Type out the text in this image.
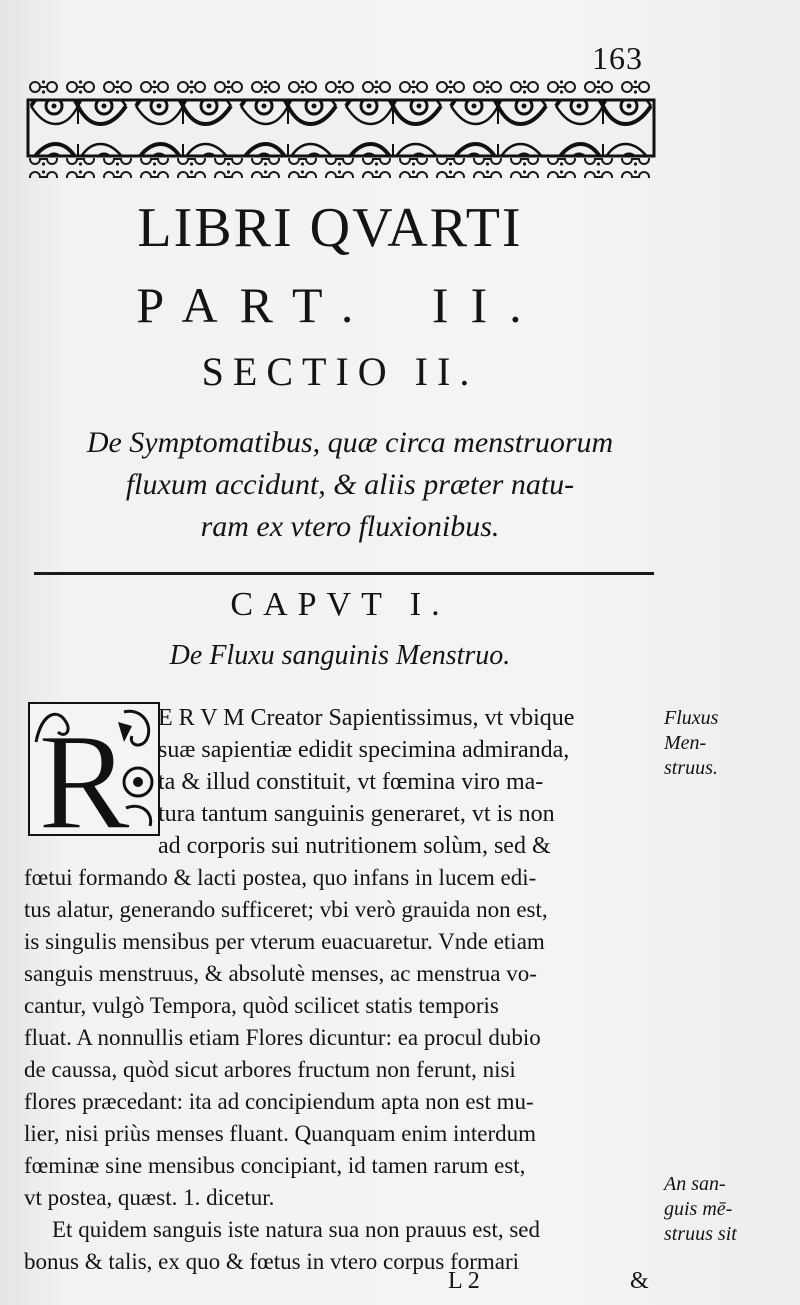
163
LIBRI QVARTI
PART. II.
SECTIO II.
De Symptomatibus, quæ circa menstruorum
fluxum accidunt, & aliis præter natu-
ram ex vtero fluxionibus.
CAPVT I.
De Fluxu sanguinis Menstruo.
R E R V M Creator Sapientissimus, vt vbique
suæ sapientiæ edidit specimina admiranda,
ta & illud constituit, vt fœmina viro ma-
tura tantum sanguinis generaret, vt is non
ad corporis sui nutritionem solùm, sed &
fœtui formando & lacti postea, quo infans in lucem edi-
tus alatur, generando sufficeret; vbi verò grauida non est,
is singulis mensibus per vterum euacuaretur. Vnde etiam
sanguis menstruus, & absolutè menses, ac menstrua vo-
cantur, vulgò Tempora, quòd scilicet statis temporis
fluat. A nonnullis etiam Flores dicuntur: ea procul dubio
de caussa, quòd sicut arbores fructum non ferunt, nisi
flores præcedant: ita ad concipiendum apta non est mu-
lier, nisi priùs menses fluant. Quanquam enim interdum
fœminæ sine mensibus concipiant, id tamen rarum est,
vt postea, quæst. 1. dicetur.
Et quidem sanguis iste natura sua non prauus est, sed
bonus & talis, ex quo & fœtus in vtero corpus formari
Fluxus
Men-
struus.
An san-
guis mē-
struus sit
L 2	&
